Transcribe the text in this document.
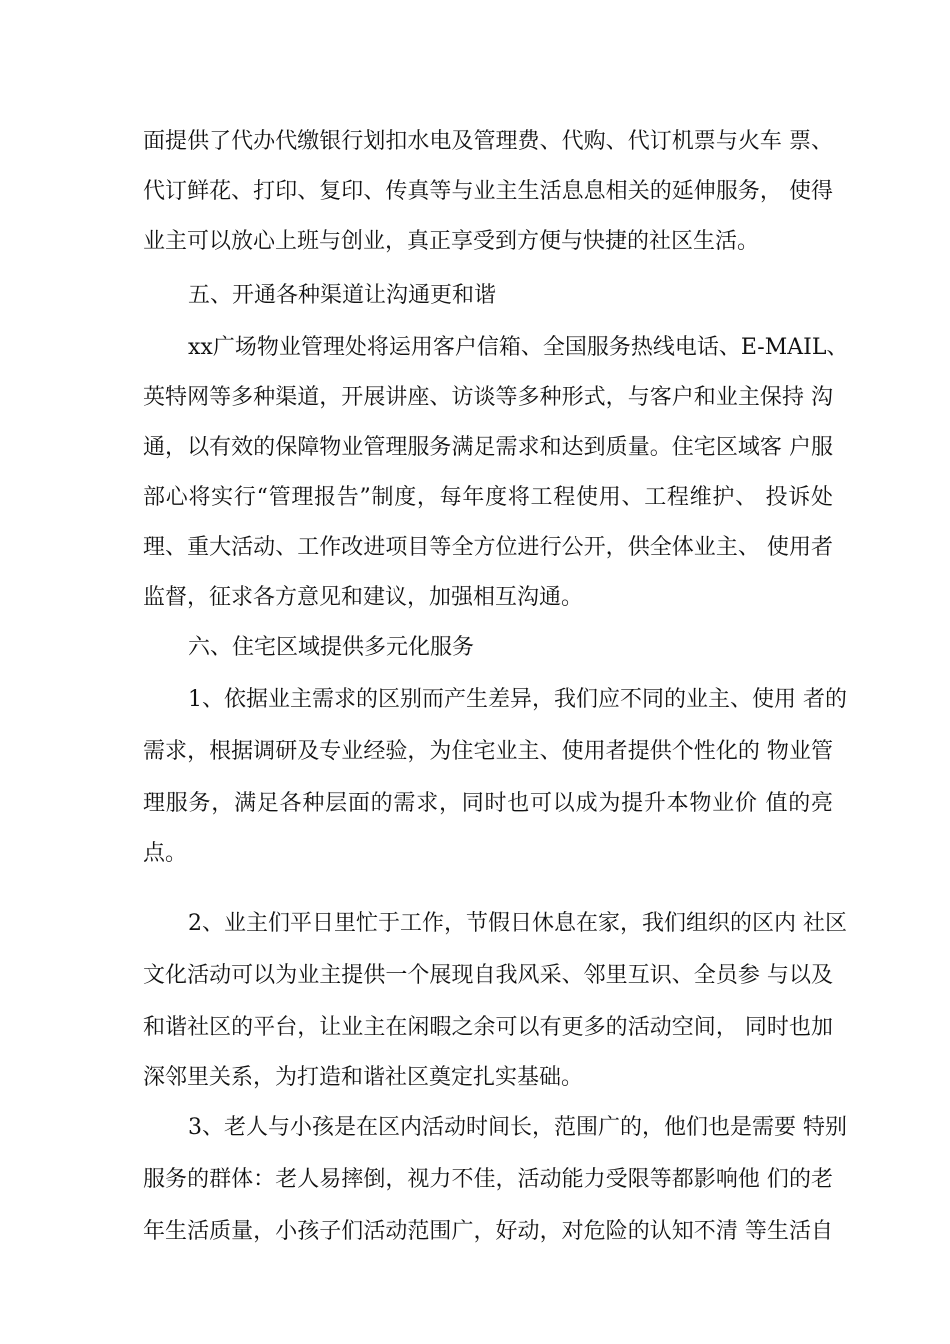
面提供了代办代缴银行划扣水电及管理费、代购、代订机票与火车 票、
代订鲜花、打印、复印、传真等与业主生活息息相关的延伸服务， 使得
业主可以放心上班与创业，真正享受到方便与快捷的社区生活。
五、开通各种渠道让沟通更和谐
xx广场物业管理处将运用客户信箱、全国服务热线电话、E-MAIL、
英特网等多种渠道，开展讲座、访谈等多种形式，与客户和业主保持 沟
通，以有效的保障物业管理服务满足需求和达到质量。住宅区域客 户服
部心将实行“管理报告”制度，每年度将工程使用、工程维护、 投诉处
理、重大活动、工作改进项目等全方位进行公开，供全体业主、 使用者
监督，征求各方意见和建议，加强相互沟通。
六、住宅区域提供多元化服务
1、依据业主需求的区别而产生差异，我们应不同的业主、使用 者的
需求，根据调研及专业经验，为住宅业主、使用者提供个性化的 物业管
理服务，满足各种层面的需求，同时也可以成为提升本物业价 值的亮
点。
2、业主们平日里忙于工作，节假日休息在家，我们组织的区内 社区
文化活动可以为业主提供一个展现自我风采、邻里互识、全员参 与以及
和谐社区的平台，让业主在闲暇之余可以有更多的活动空间， 同时也加
深邻里关系，为打造和谐社区奠定扎实基础。
3、老人与小孩是在区内活动时间长，范围广的，他们也是需要 特别
服务的群体：老人易摔倒，视力不佳，活动能力受限等都影响他 们的老
年生活质量，小孩子们活动范围广，好动，对危险的认知不清 等生活自
